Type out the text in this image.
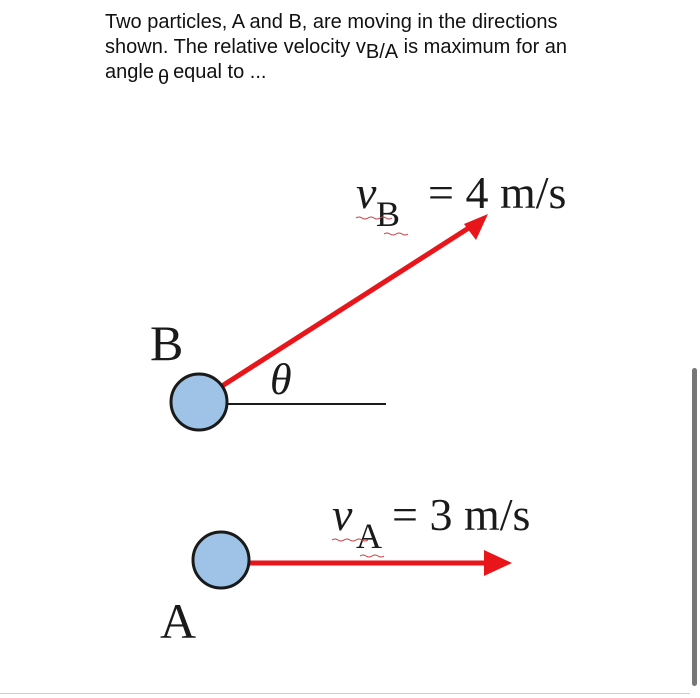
Two particles, A and B, are moving in the directions
shown. The relative velocity $v_{B/A}$ is maximum for an
angle θ equal to ...
v B = 4 m/s
θ
B
v A = 3 m/s
A
